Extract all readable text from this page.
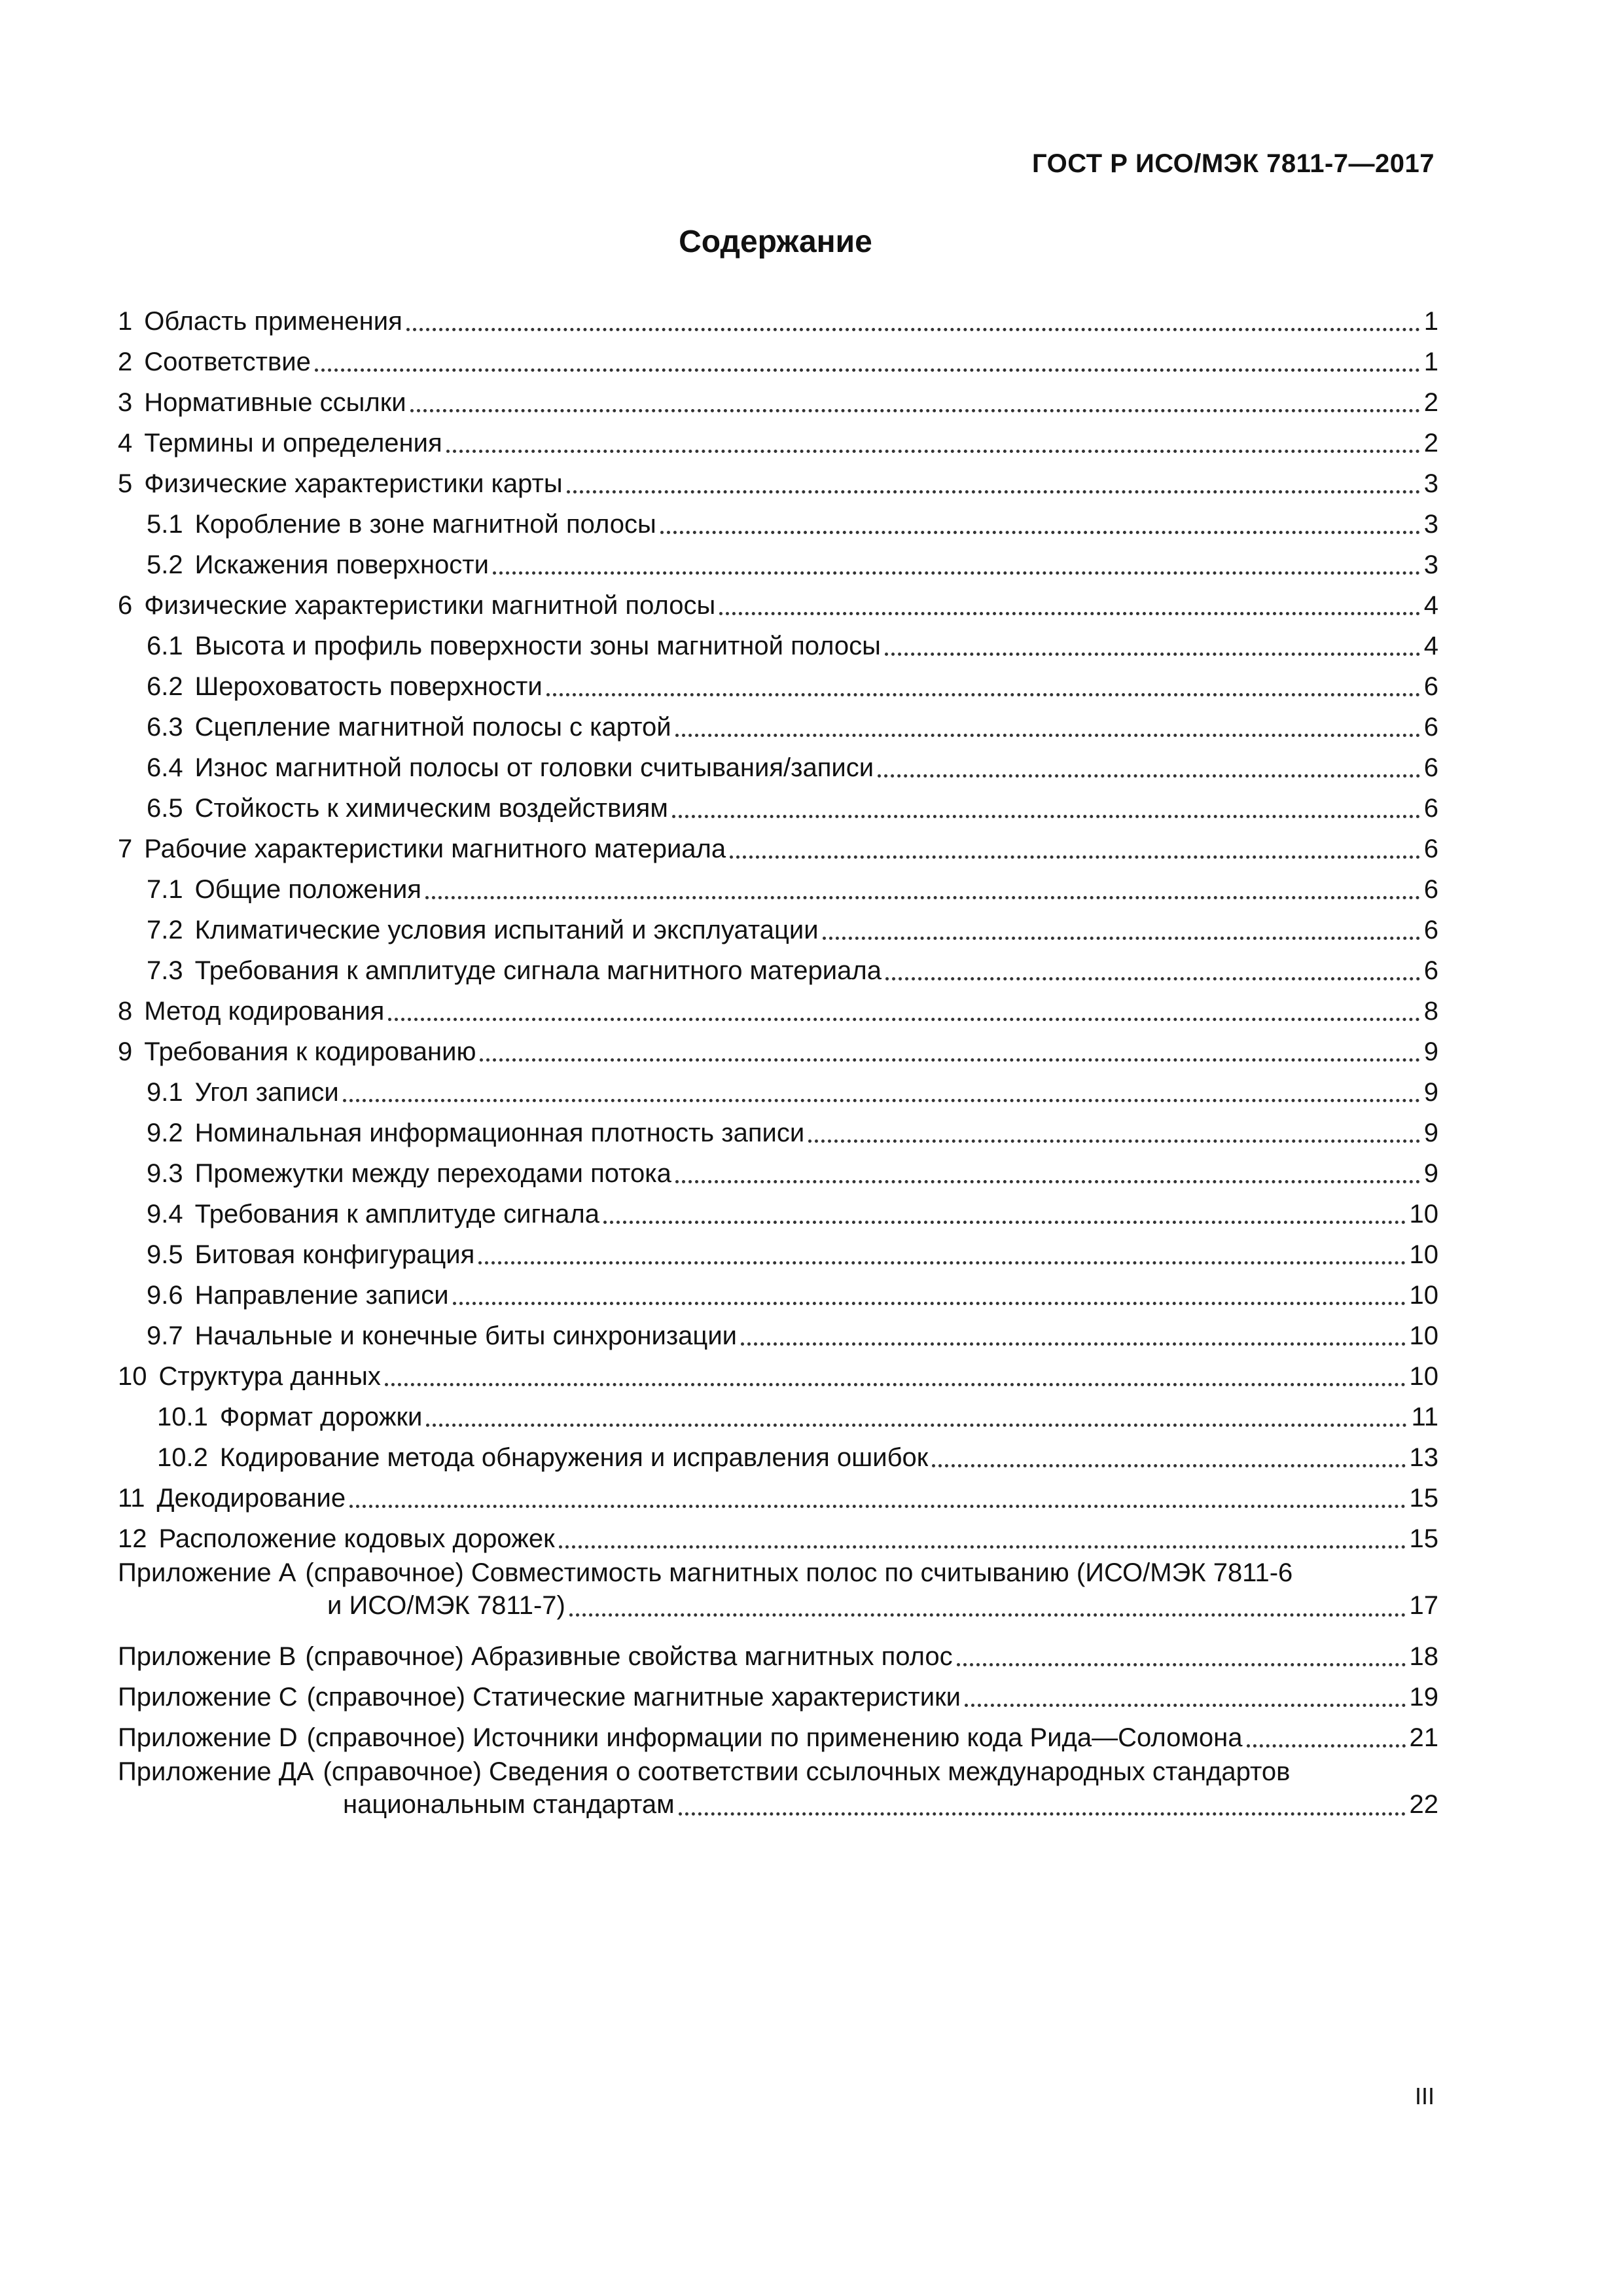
ГОСТ Р ИСО/МЭК 7811-7—2017
Содержание
1 Область применения	1
2 Соответствие	1
3 Нормативные ссылки	2
4 Термины и определения	2
5 Физические характеристики карты	3
5.1 Коробление в зоне магнитной полосы	3
5.2 Искажения поверхности	3
6 Физические характеристики магнитной полосы	4
6.1 Высота и профиль поверхности зоны магнитной полосы	4
6.2 Шероховатость поверхности	6
6.3 Сцепление магнитной полосы с картой	6
6.4 Износ магнитной полосы от головки считывания/записи	6
6.5 Стойкость к химическим воздействиям	6
7 Рабочие характеристики магнитного материала	6
7.1 Общие положения	6
7.2 Климатические условия испытаний и эксплуатации	6
7.3 Требования к амплитуде сигнала магнитного материала	6
8 Метод кодирования	8
9 Требования к кодированию	9
9.1 Угол записи	9
9.2 Номинальная информационная плотность записи	9
9.3 Промежутки между переходами потока	9
9.4 Требования к амплитуде сигнала	10
9.5 Битовая конфигурация	10
9.6 Направление записи	10
9.7 Начальные и конечные биты синхронизации	10
10 Структура данных	10
10.1 Формат дорожки	11
10.2 Кодирование метода обнаружения и исправления ошибок	13
11 Декодирование	15
12 Расположение кодовых дорожек	15
Приложение А (справочное) Совместимость магнитных полос по считыванию (ИСО/МЭК 7811-6
и ИСО/МЭК 7811-7)	17
Приложение В (справочное) Абразивные свойства магнитных полос	18
Приложение С (справочное) Статические магнитные характеристики	19
Приложение D (справочное) Источники информации по применению кода Рида—Соломона	21
Приложение ДА (справочное) Сведения о соответствии ссылочных международных стандартов
национальным стандартам	22
III
